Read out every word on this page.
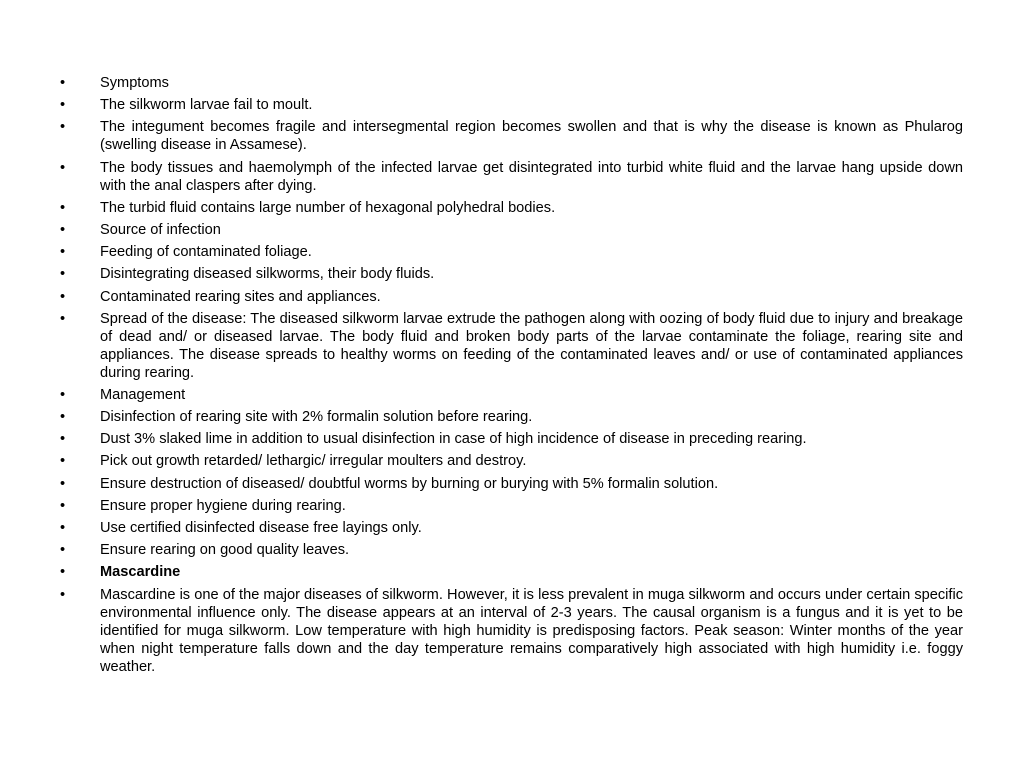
•	Symptoms
•	The silkworm larvae fail to moult.
•	The integument becomes fragile and intersegmental region becomes swollen and that is why the disease is known as Phularog (swelling disease in Assamese).
•	The body tissues and haemolymph of the infected larvae get disintegrated into turbid white fluid and the larvae hang upside down with the anal claspers after dying.
•	The turbid fluid contains large number of hexagonal polyhedral bodies.
•	Source of infection
•	Feeding of contaminated foliage.
•	Disintegrating diseased silkworms, their body fluids.
•	Contaminated rearing sites and appliances.
•	Spread of the disease: The diseased silkworm larvae extrude the pathogen along with oozing of body fluid due to injury and breakage of dead and/ or diseased larvae. The body fluid and broken body parts of the larvae contaminate the foliage, rearing site and appliances. The disease spreads to healthy worms on feeding of the contaminated leaves and/ or use of contaminated appliances during rearing.
•	Management
•	Disinfection of rearing site with 2% formalin solution before rearing.
•	Dust 3% slaked lime in addition to usual disinfection in case of high incidence of disease in preceding rearing.
•	Pick out growth retarded/ lethargic/ irregular moulters and destroy.
•	Ensure destruction of diseased/ doubtful worms by burning or burying with 5% formalin solution.
•	Ensure proper hygiene during rearing.
•	Use certified disinfected disease free layings only.
•	Ensure rearing on good quality leaves.
•	Mascardine
•	Mascardine is one of the major diseases of silkworm. However, it is less prevalent in muga silkworm and occurs under certain specific environmental influence only. The disease appears at an interval of 2-3 years. The causal organism is a fungus and it is yet to be identified for muga silkworm. Low temperature with high humidity is predisposing factors. Peak season: Winter months of the year when night temperature falls down and the day temperature remains comparatively high associated with high humidity i.e. foggy weather.
